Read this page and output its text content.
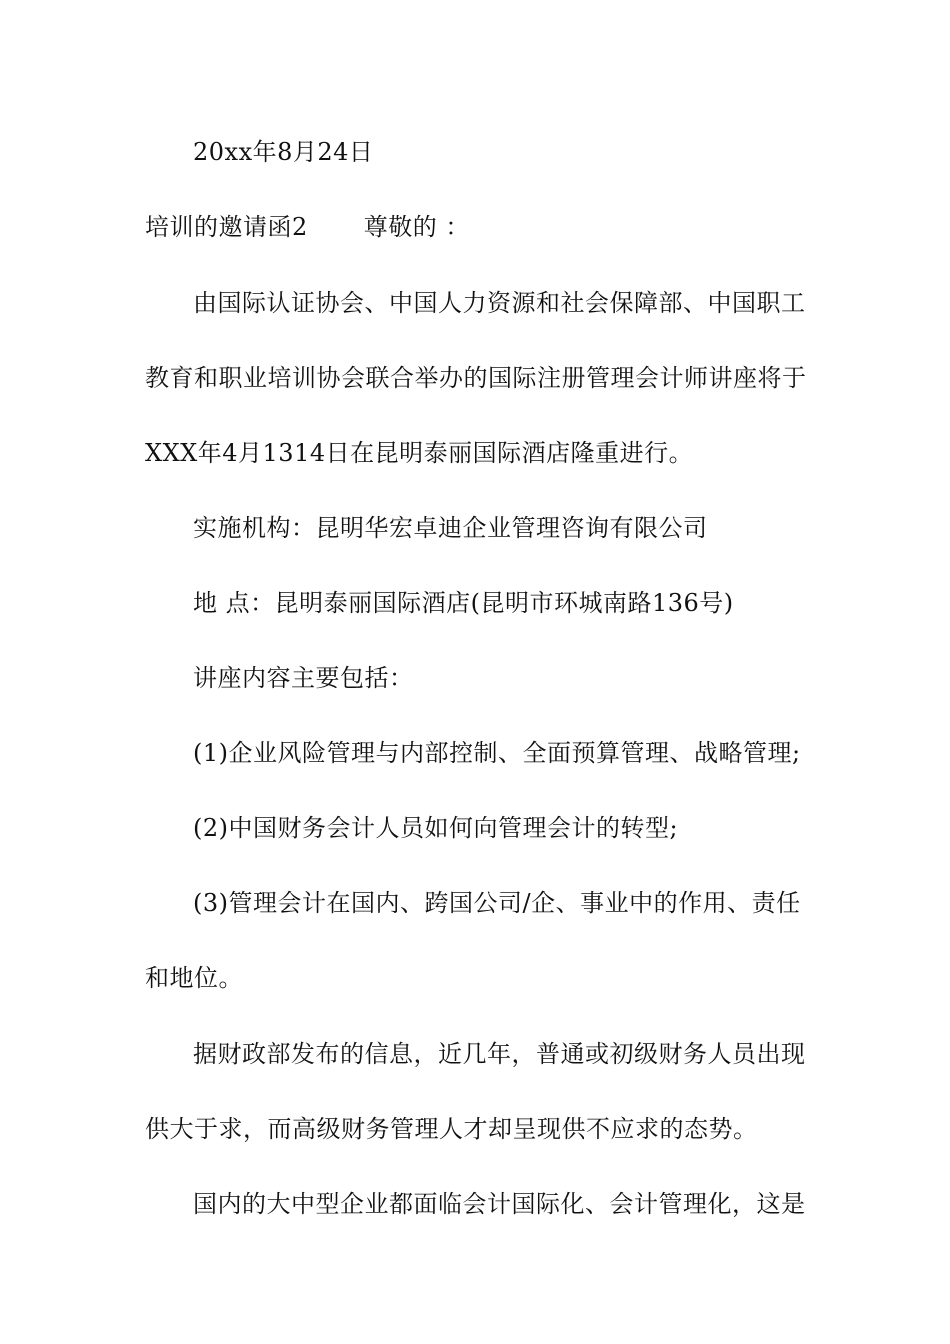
20xx年8月24日
培训的邀请函2 尊敬的 ：
由国际认证协会、中国人力资源和社会保障部、中国职工
教育和职业培训协会联合举办的国际注册管理会计师讲座将于
XXX年4月1314日在昆明泰丽国际酒店隆重进行。
实施机构：昆明华宏卓迪企业管理咨询有限公司
地 点：昆明泰丽国际酒店(昆明市环城南路136号)
讲座内容主要包括：
(1)企业风险管理与内部控制、全面预算管理、战略管理;
(2)中国财务会计人员如何向管理会计的转型;
(3)管理会计在国内、跨国公司/企、事业中的作用、责任
和地位。
据财政部发布的信息，近几年，普通或初级财务人员出现
供大于求，而高级财务管理人才却呈现供不应求的态势。
国内的大中型企业都面临会计国际化、会计管理化，这是
